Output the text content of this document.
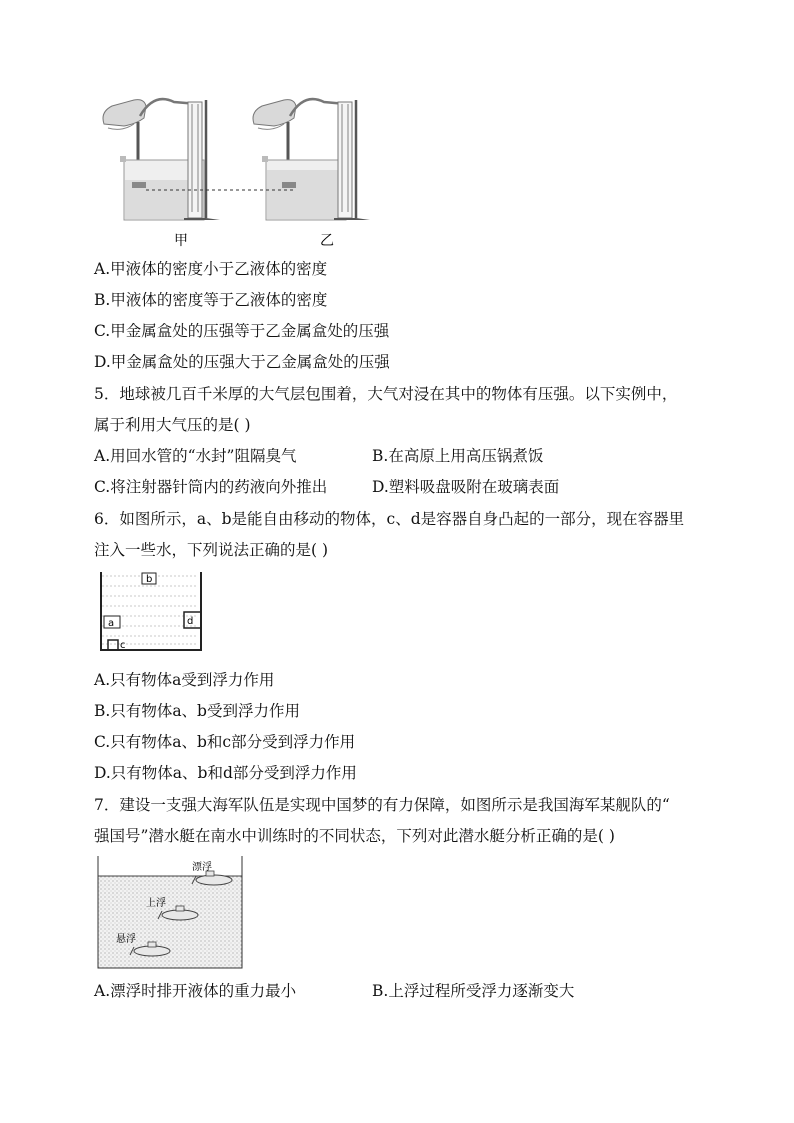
甲	乙
A.甲液体的密度小于乙液体的密度
B.甲液体的密度等于乙液体的密度
C.甲金属盒处的压强等于乙金属盒处的压强
D.甲金属盒处的压强大于乙金属盒处的压强
5．地球被几百千米厚的大气层包围着，大气对浸在其中的物体有压强。以下实例中，
属于利用大气压的是( )
A.用回水管的“水封”阻隔臭气	B.在高原上用高压锅煮饭
C.将注射器针筒内的药液向外推出	D.塑料吸盘吸附在玻璃表面
6．如图所示，a、b是能自由移动的物体，c、d是容器自身凸起的一部分，现在容器里
注入一些水，下列说法正确的是( )
b
a	d
c
A.只有物体a受到浮力作用
B.只有物体a、b受到浮力作用
C.只有物体a、b和c部分受到浮力作用
D.只有物体a、b和d部分受到浮力作用
7．建设一支强大海军队伍是实现中国梦的有力保障，如图所示是我国海军某舰队的“
强国号”潜水艇在南水中训练时的不同状态，下列对此潜水艇分析正确的是( )
漂浮
上浮
悬浮
A.漂浮时排开液体的重力最小	B.上浮过程所受浮力逐渐变大
